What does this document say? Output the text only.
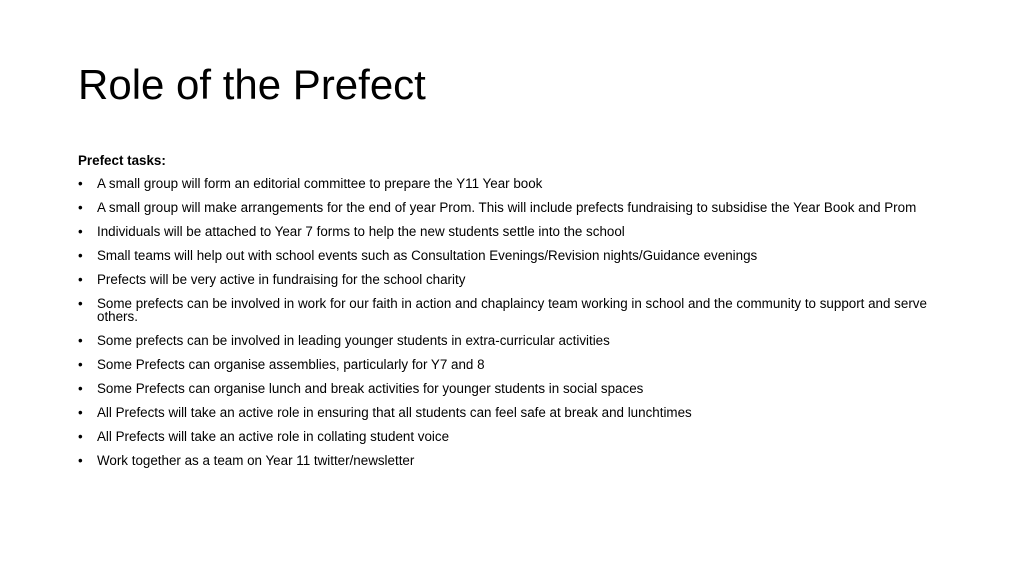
Role of the Prefect
Prefect tasks:
• A small group will form an editorial committee to prepare the Y11 Year book
• A small group will make arrangements for the end of year Prom. This will include prefects fundraising to subsidise the Year Book and Prom
• Individuals will be attached to Year 7 forms to help the new students settle into the school
• Small teams will help out with school events such as Consultation Evenings/Revision nights/Guidance evenings
• Prefects will be very active in fundraising for the school charity
• Some prefects can be involved in work for our faith in action and chaplaincy team working in school and the community to support and serve others.
• Some prefects can be involved in leading younger students in extra-curricular activities
• Some Prefects can organise assemblies, particularly for Y7 and 8
• Some Prefects can organise lunch and break activities for younger students in social spaces
• All Prefects will take an active role in ensuring that all students can feel safe at break and lunchtimes
• All Prefects will take an active role in collating student voice
• Work together as a team on Year 11 twitter/newsletter
